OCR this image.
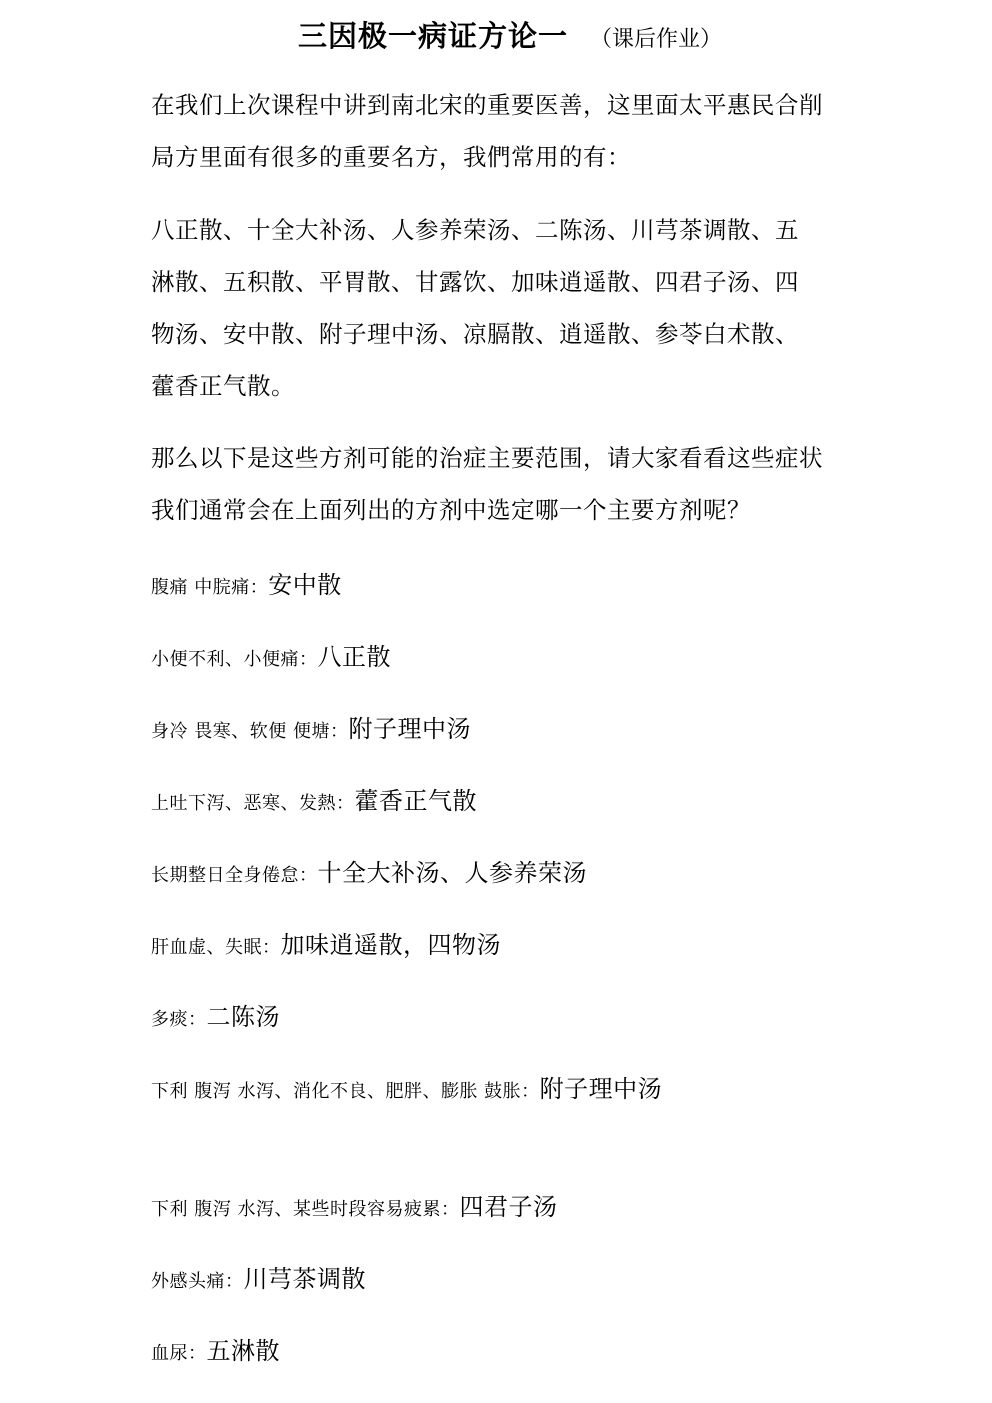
三因极一病证方论一 （课后作业）
在我们上次课程中讲到南北宋的重要医善，这里面太平惠民合削
局方里面有很多的重要名方，我們常用的有：
八正散、十全大补汤、人参养荣汤、二陈汤、川芎茶调散、五
淋散、五积散、平胃散、甘露饮、加味逍遥散、四君子汤、四
物汤、安中散、附子理中汤、凉膈散、逍遥散、参苓白术散、
藿香正气散。
那么以下是这些方剂可能的治症主要范围，请大家看看这些症状
我们通常会在上面列出的方剂中选定哪一个主要方剂呢？
腹痛 中脘痛：安中散
小便不利、小便痛：八正散
身冷 畏寒、软便 便塘：附子理中汤
上吐下泻、恶寒、发熱：藿香正气散
长期整日全身倦怠：十全大补汤、人参养荣汤
肝血虚、失眠：加味逍遥散，四物汤
多痰：二陈汤
下利 腹泻 水泻、消化不良、肥胖、膨胀 鼓胀：附子理中汤
下利 腹泻 水泻、某些时段容易疲累：四君子汤
外感头痛：川芎茶调散
血尿：五淋散
